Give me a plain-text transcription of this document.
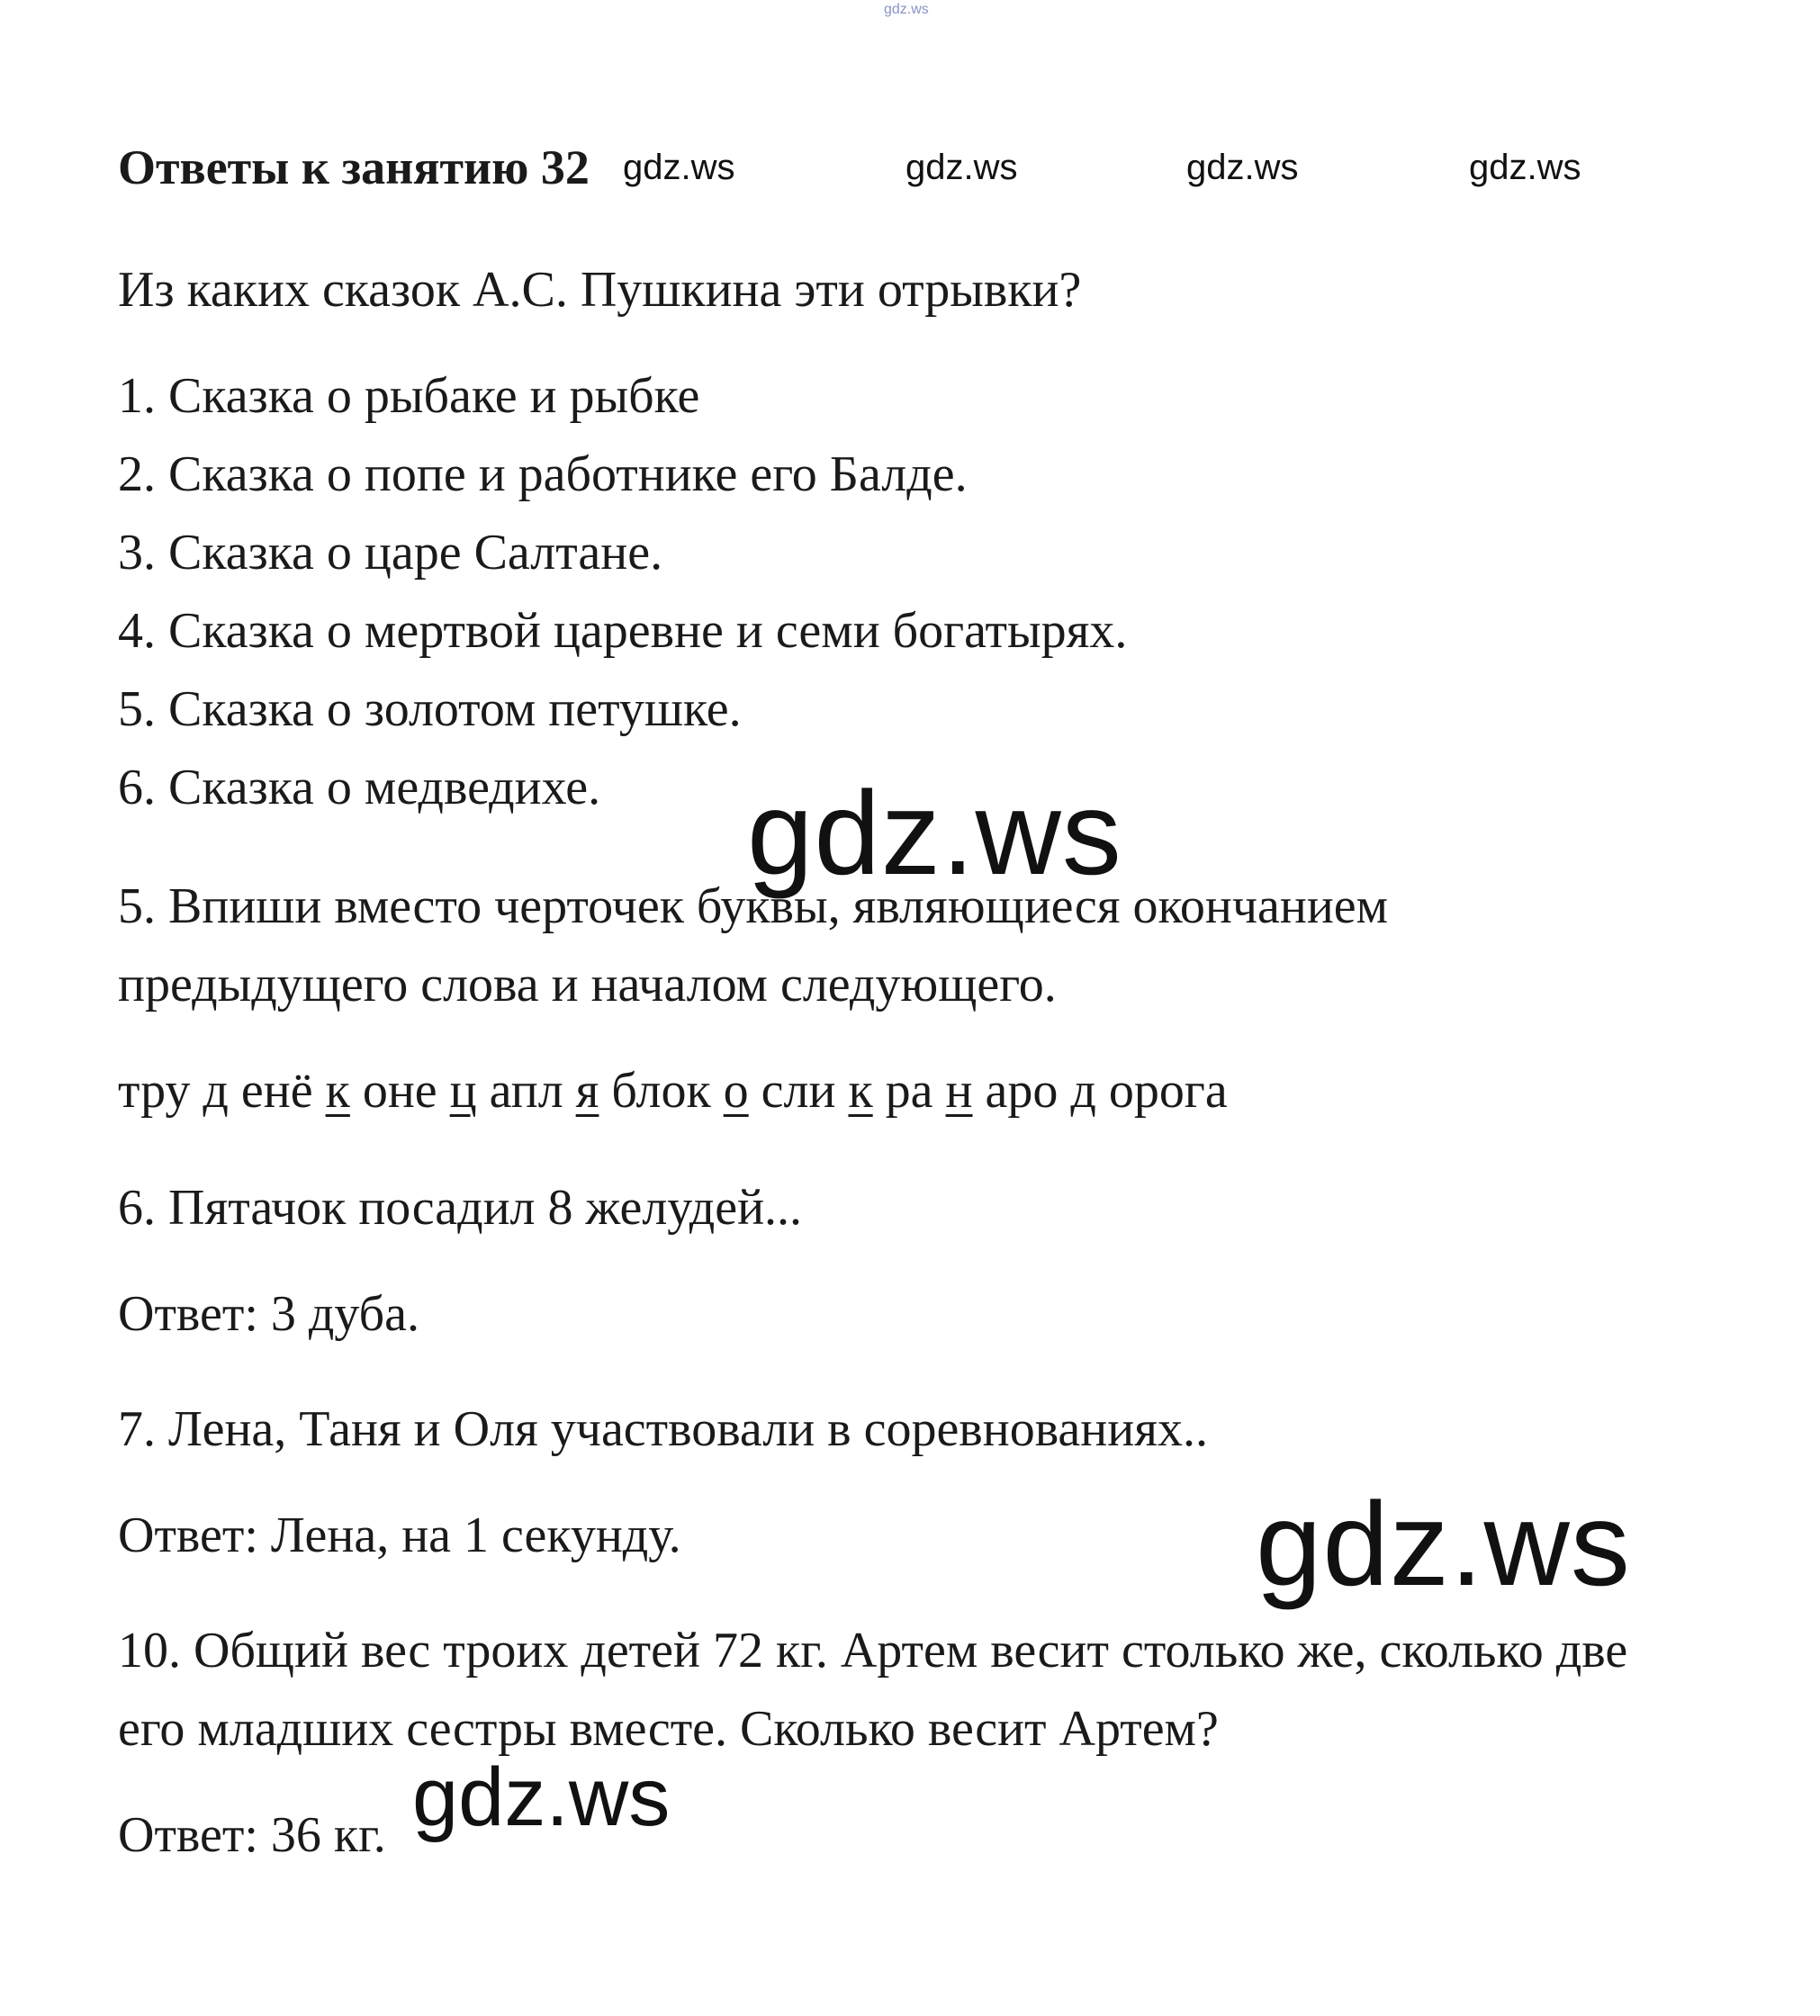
gdz.ws
Ответы к занятию 32 gdz.ws	gdz.ws	gdz.ws	gdz.ws
Из каких сказок А.С. Пушкина эти отрывки?
1. Сказка о рыбаке и рыбке
2. Сказка о попе и работнике его Балде.
3. Сказка о царе Салтане.
4. Сказка о мертвой царевне и семи богатырях.
5. Сказка о золотом петушке.
6. Сказка о медведихе. gdz.ws
5. Впиши вместо черточек буквы, являющиеся окончанием
предыдущего слова и началом следующего.
тру д енё к оне ц апл я блок о сли к ра н аро д орога
6. Пятачок посадил 8 желудей...
Ответ: 3 дуба.
7. Лена, Таня и Оля участвовали в соревнованиях..
Ответ: Лена, на 1 секунду.	gdz.ws
10. Общий вес троих детей 72 кг. Артем весит столько же, сколько две
его младших сестры вместе. Сколько весит Артем?
Ответ: 36 кг. gdz.ws
